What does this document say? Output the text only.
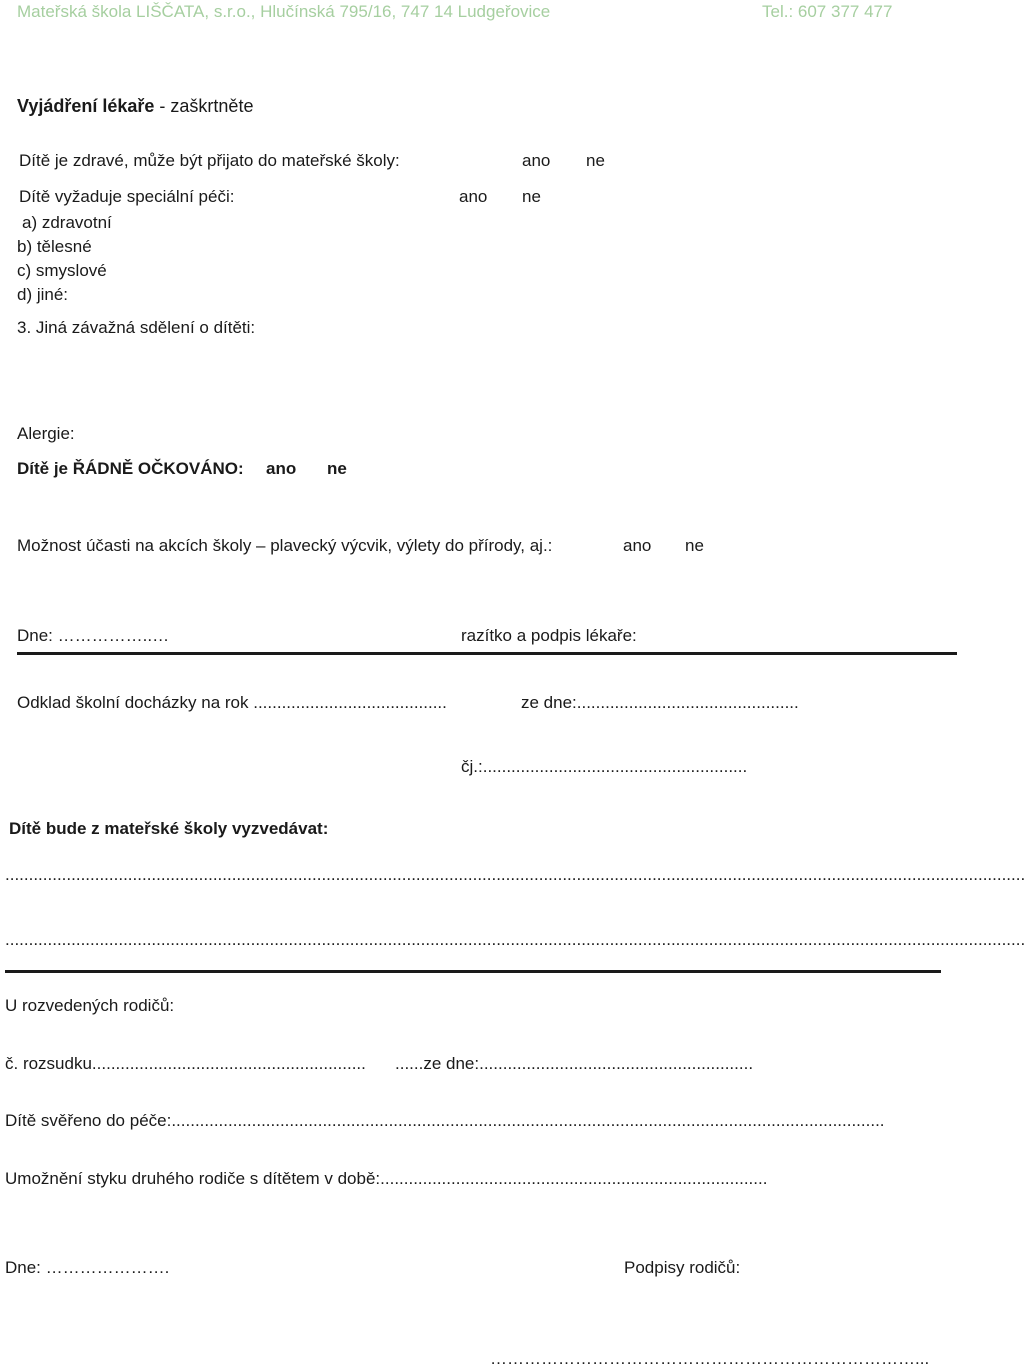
Mateřská škola LIŠČATA, s.r.o., Hlučínská 795/16, 747 14 Ludgeřovice	Tel.: 607 377 477
Vyjádření lékaře - zaškrtněte
Dítě je zdravé, může být přijato do mateřské školy:	ano ne
Dítě vyžaduje speciální péči:	ano ne
a) zdravotní
b) tělesné
c) smyslové
d) jiné:
3. Jiná závažná sdělení o dítěti:
Alergie:
Dítě je ŘÁDNĚ OČKOVÁNO: ano ne
Možnost účasti na akcích školy – plavecký výcvik, výlety do přírody, aj.:	ano ne
Dne: ……………..…	razítko a podpis lékaře:
Odklad školní docházky na rok .........................................	ze dne:...............................................
čj.:........................................................
Dítě bude z mateřské školy vyzvedávat:
........................................................................................................................................................................................................................
........................................................................................................................................................................................................................
U rozvedených rodičů:
č. rozsudku..........................................................	......ze dne:..........................................................
Dítě svěřeno do péče:.......................................................................................................................................................
Umožnění styku druhého rodiče s dítětem v době:..................................................................................
Dne: ………………….	Podpisy rodičů:
…………………………………………………………………...
